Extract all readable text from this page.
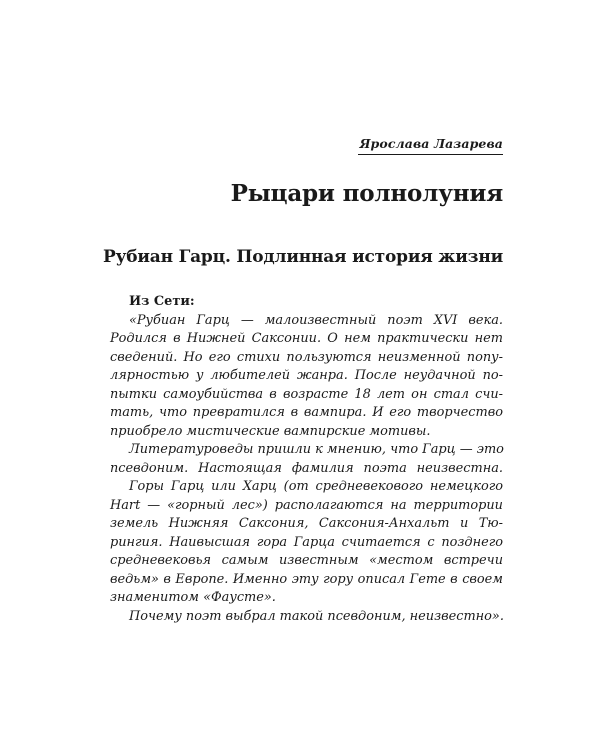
Ярослава Лазарева
Рыцари полнолуния
Рубиан Гарц. Подлинная история жизни

Из Сети:

«Рубиан Гарц — малоизвестный поэт XVI века.
Родился в Нижней Саксонии. О нем практически нет
сведений. Но его стихи пользуются неизменной попу-
лярностью у любителей жанра. После неудачной по-
пытки самоубийства в возрасте 18 лет он стал счи-
тать, что превратился в вампира. И его творчество
приобрело мистические вампирские мотивы.

Литературоведы пришли к мнению, что Гарц — это
псевдоним. Настоящая фамилия поэта неизвестна.

Горы Гарц или Харц (от средневекового немецкого
Hart — «горный лес») располагаются на территории
земель Нижняя Саксония, Саксония-Анхальт и Тю-
рингия. Наивысшая гора Гарца считается с позднего
средневековья самым известным «местом встречи
ведьм» в Европе. Именно эту гору описал Гете в своем
знаменитом «Фаусте».

Почему поэт выбрал такой псевдоним, неизвестно».
